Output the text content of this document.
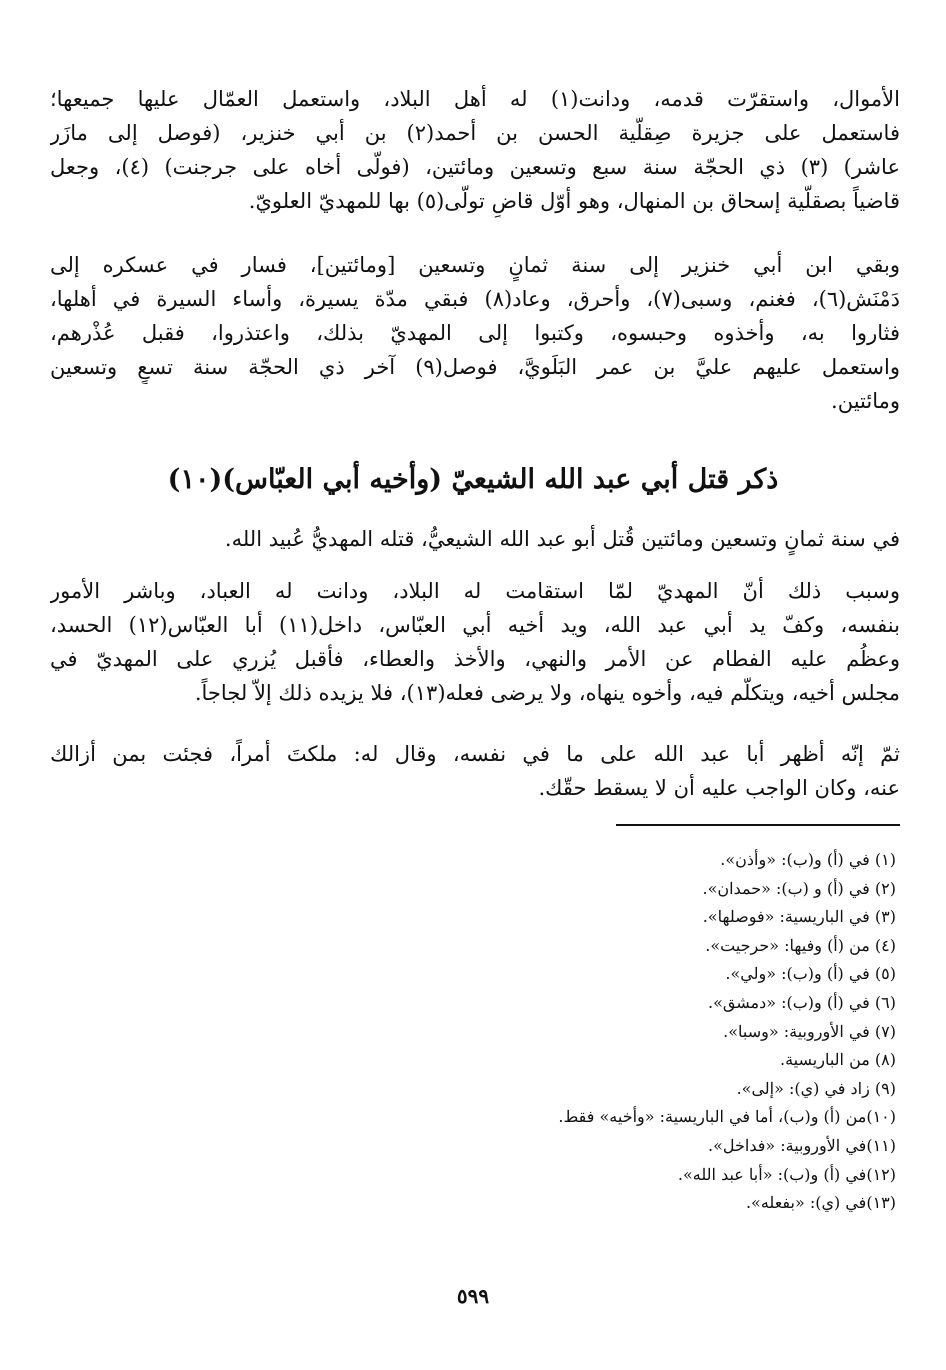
الأموال، واستقرّت قدمه، ودانت(١) له أهل البلاد، واستعمل العمّال عليها جميعها؛
فاستعمل على جزيرة صِقلّية الحسن بن أحمد(٢) بن أبي خنزير، (فوصل إلى مازَر
عاشر) (٣) ذي الحجّة سنة سبع وتسعين ومائتين، (فولّى أخاه على جرجنت) (٤)، وجعل
قاضياً بصقلّية إسحاق بن المنهال، وهو أوّل قاضٍ تولّى(٥) بها للمهديّ العلويّ.
وبقي ابن أبي خنزير إلى سنة ثمانٍ وتسعين [ومائتين]، فسار في عسكره إلى
دَمْنَش(٦)، فغنم، وسبى(٧)، وأحرق، وعاد(٨) فبقي مدّة يسيرة، وأساء السيرة في أهلها،
فثاروا به، وأخذوه وحبسوه، وكتبوا إلى المهديّ بذلك، واعتذروا، فقبل عُذْرهم،
واستعمل عليهم عليَّ بن عمر البَلَويَّ، فوصل(٩) آخر ذي الحجّة سنة تسعٍ وتسعين
ومائتين.
ذكر قتل أبي عبد الله الشيعيّ (وأخيه أبي العبّاس)(١٠)
في سنة ثمانٍ وتسعين ومائتين قُتل أبو عبد الله الشيعيُّ، قتله المهديُّ عُبيد الله.
وسبب ذلك أنّ المهديّ لمّا استقامت له البلاد، ودانت له العباد، وباشر الأمور
بنفسه، وكفّ يد أبي عبد الله، ويد أخيه أبي العبّاس، داخل(١١) أبا العبّاس(١٢) الحسد،
وعظُم عليه الفطام عن الأمر والنهي، والأخذ والعطاء، فأقبل يُزري على المهديّ في
مجلس أخيه، ويتكلّم فيه، وأخوه ينهاه، ولا يرضى فعله(١٣)، فلا يزيده ذلك إلاّ لجاجاً.
ثمّ إنّه أظهر أبا عبد الله على ما في نفسه، وقال له: ملكتَ أمراً، فجئت بمن أزالك
عنه، وكان الواجب عليه أن لا يسقط حقّك.
(١) في (أ) و(ب): «وأذن».
(٢) في (أ) و (ب): «حمدان».
(٣) في الباريسية: «فوصلها».
(٤) من (أ) وفيها: «حرجيت».
(٥) في (أ) و(ب): «ولي».
(٦) في (أ) و(ب): «دمشق».
(٧) في الأوروبية: «وسبا».
(٨) من الباريسية.
(٩) زاد في (ي): «إلى».
(١٠)من (أ) و(ب)، أما في الباريسية: «وأخيه» فقط.
(١١)في الأوروبية: «فداخل».
(١٢)في (أ) و(ب): «أبا عبد الله».
(١٣)في (ي): «بفعله».
٥٩٩
